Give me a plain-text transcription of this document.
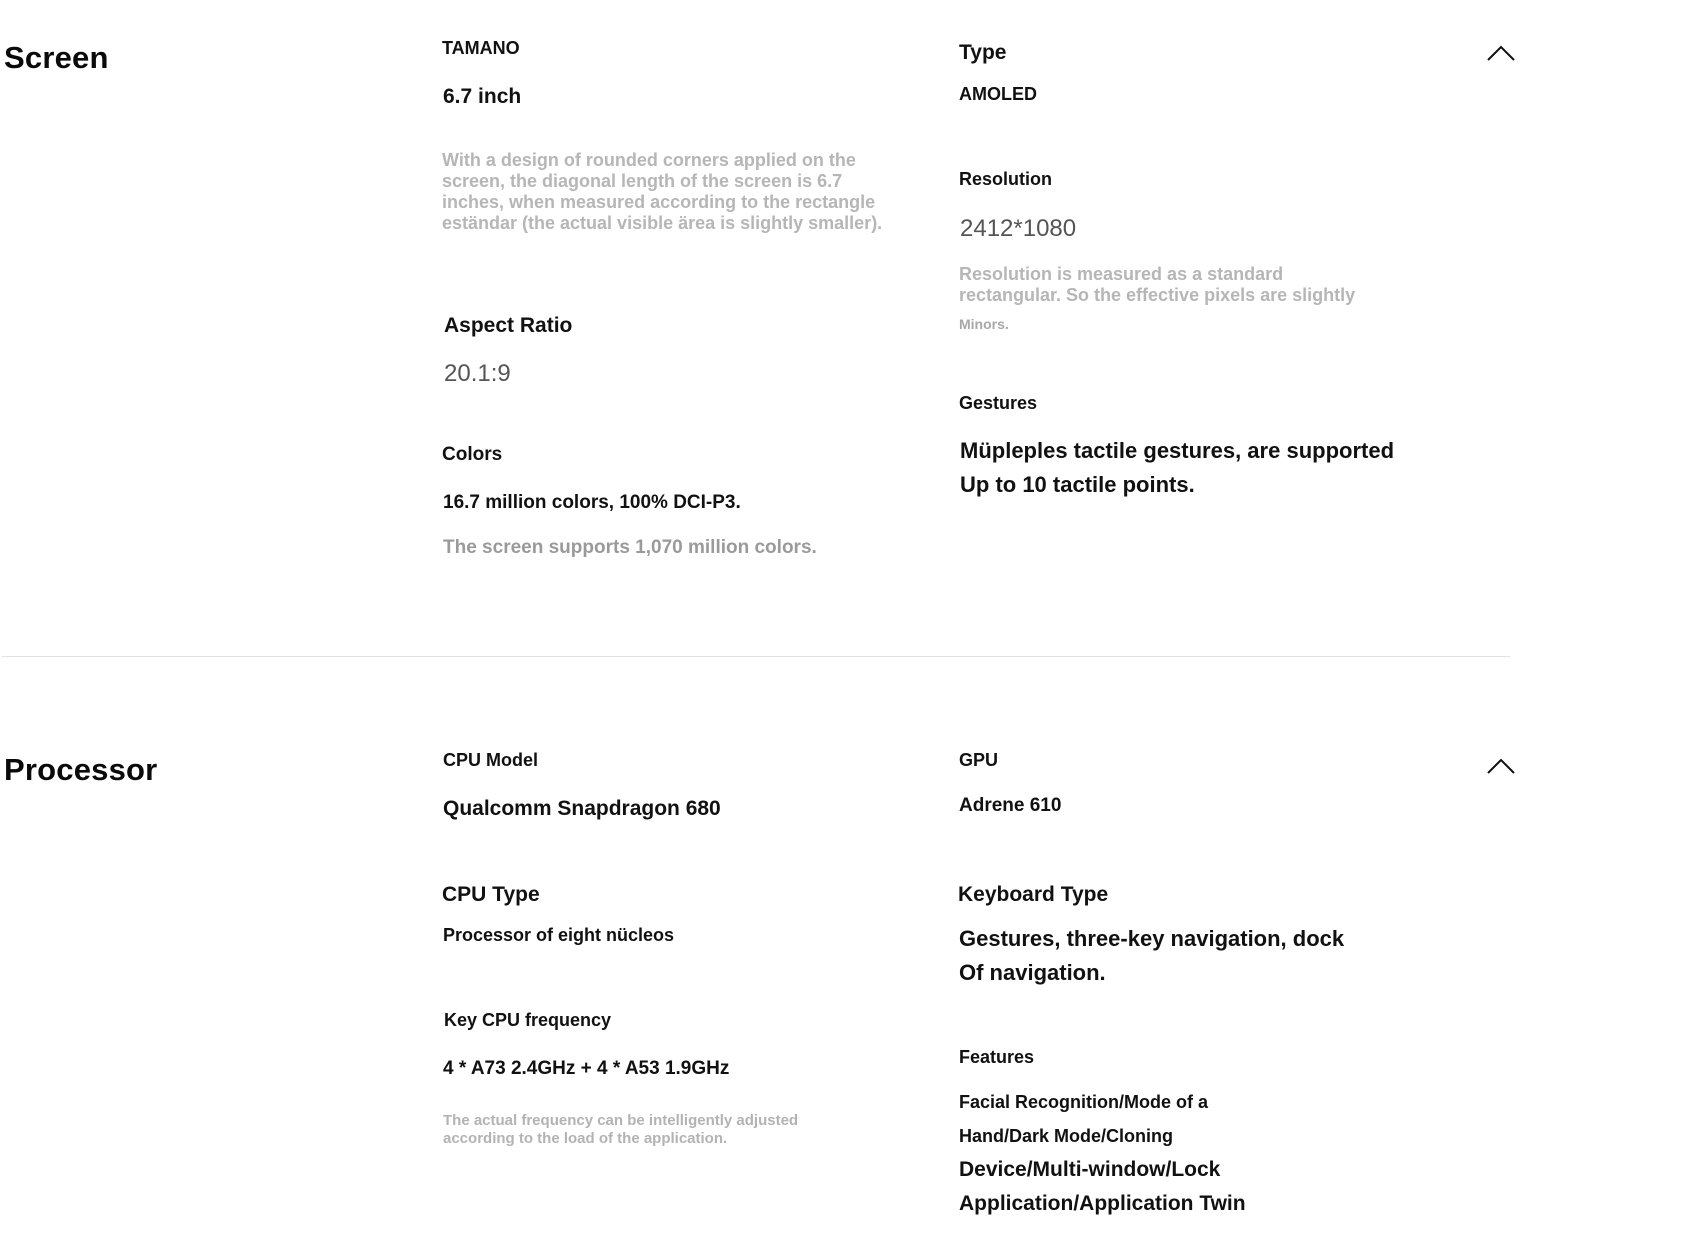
Screen	TAMANO
6.7 inch
With a design of rounded corners applied on the
screen, the diagonal length of the screen is 6.7
inches, when measured according to the rectangle
eständar (the actual visible ärea is slightly smaller).
Aspect Ratio
20.1:9
Colors
16.7 million colors, 100% DCI-P3.
The screen supports 1,070 million colors.
Type
AMOLED
Resolution
2412*1080
Resolution is measured as a standard
rectangular. So the effective pixels are slightly
Minors.
Gestures
Müpleples tactile gestures, are supported
Up to 10 tactile points.
Processor	CPU Model
Qualcomm Snapdragon 680
CPU Type
Processor of eight nücleos
Key CPU frequency
4 * A73 2.4GHz + 4 * A53 1.9GHz
The actual frequency can be intelligently adjusted
according to the load of the application.
GPU
Adrene 610
Keyboard Type
Gestures, three-key navigation, dock
Of navigation.
Features
Facial Recognition/Mode of a
Hand/Dark Mode/Cloning
Device/Multi-window/Lock
Application/Application Twin
